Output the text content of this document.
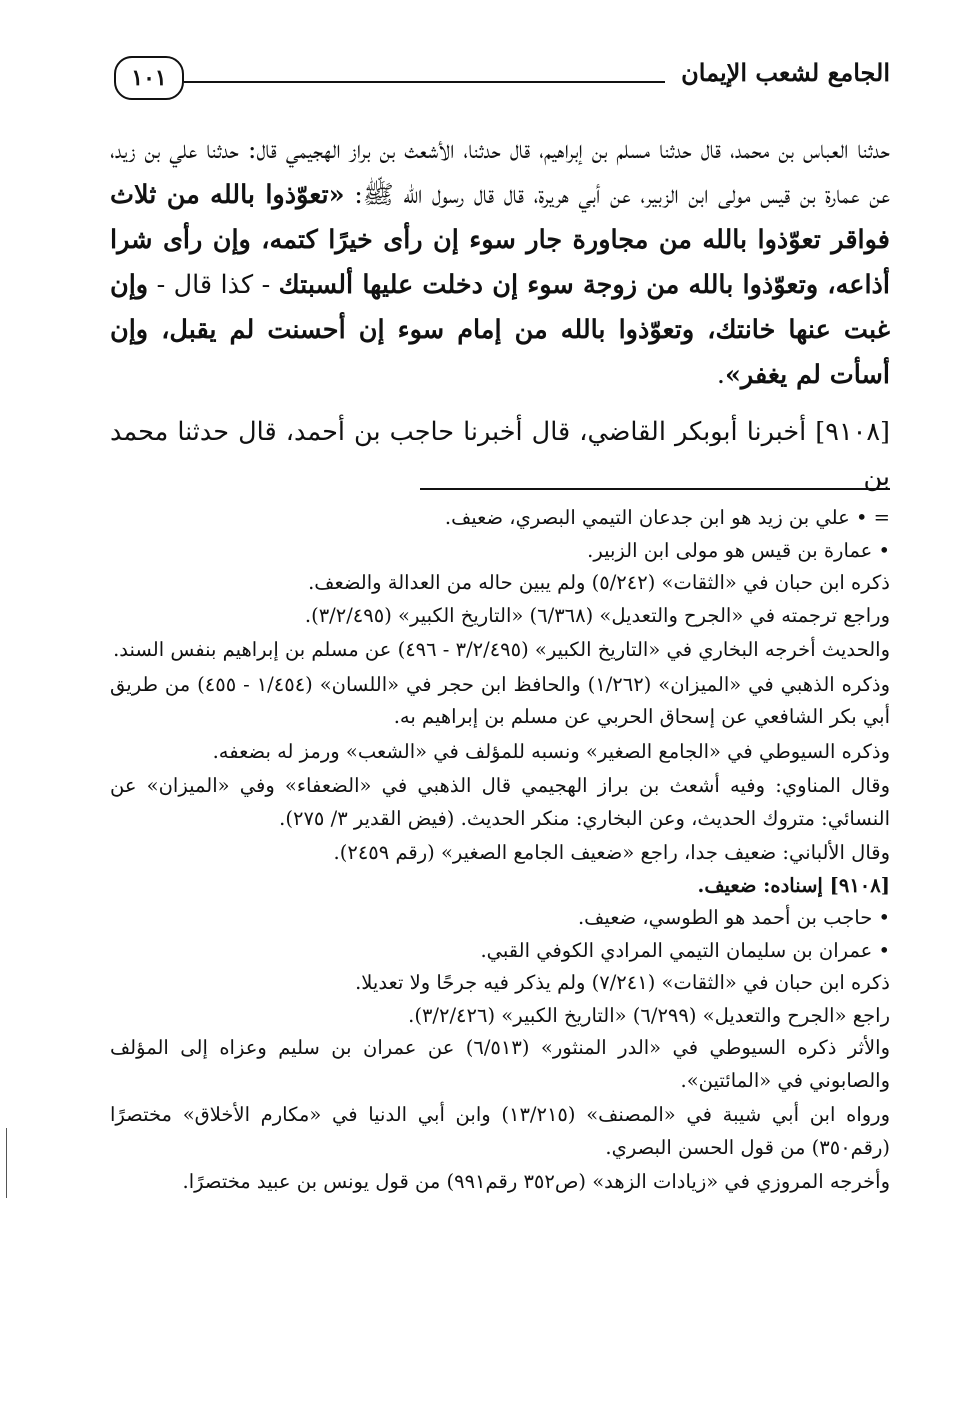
الجامع لشعب الإيمان
١٠١

حدثنا العباس بن محمد، قال حدثنا مسلم بن إبراهيم، قال حدثنا، الأشعث بن براز الهجيمي قال: حدثنا علي بن زيد، عن عمارة بن قيس مولى ابن الزبير، عن أبي هريرة، قال قال رسول الله ﷺ: «تعوّذوا بالله من ثلاث فواقر تعوّذوا بالله من مجاورة جار سوء إن رأى خيرًا كتمه، وإن رأى شرا أذاعه، وتعوّذوا بالله من زوجة سوء إن دخلت عليها ألسبتك - كذا قال - وإن غبت عنها خانتك، وتعوّذوا بالله من إمام سوء إن أحسنت لم يقبل، وإن أسأت لم يغفر».

[٩١٠٨] أخبرنا أبوبكر القاضي، قال أخبرنا حاجب بن أحمد، قال حدثنا محمد بن

= • علي بن زيد هو ابن جدعان التيمي البصري، ضعيف.

• عمارة بن قيس هو مولى ابن الزبير.

ذكره ابن حبان في «الثقات» (٥/٢٤٢) ولم يبين حاله من العدالة والضعف.

وراجع ترجمته في «الجرح والتعديل» (٦/٣٦٨) «التاريخ الكبير» (٣/٢/٤٩٥).

والحديث أخرجه البخاري في «التاريخ الكبير» (٣/٢/٤٩٥ - ٤٩٦) عن مسلم بن إبراهيم بنفس السند.

وذكره الذهبي في «الميزان» (١/٢٦٢) والحافظ ابن حجر في «اللسان» (١/٤٥٤ - ٤٥٥) من طريق أبي بكر الشافعي عن إسحاق الحربي عن مسلم بن إبراهيم به.

وذكره السيوطي في «الجامع الصغير» ونسبه للمؤلف في «الشعب» ورمز له بضعفه.

وقال المناوي: وفيه أشعث بن براز الهجيمي قال الذهبي في «الضعفاء» وفي «الميزان» عن النسائي: متروك الحديث، وعن البخاري: منكر الحديث. (فيض القدير ٣/ ٢٧٥).

وقال الألباني: ضعيف جدا، راجع «ضعيف الجامع الصغير» (رقم ٢٤٥٩).

[٩١٠٨] إسناده: ضعيف.

• حاجب بن أحمد هو الطوسي، ضعيف.

• عمران بن سليمان التيمي المرادي الكوفي القبي.

ذكره ابن حبان في «الثقات» (٧/٢٤١) ولم يذكر فيه جرحًا ولا تعديلا.

راجع «الجرح والتعديل» (٦/٢٩٩) «التاريخ الكبير» (٣/٢/٤٢٦).

والأثر ذكره السيوطي في «الدر المنثور» (٦/٥١٣) عن عمران بن سليم وعزاه إلى المؤلف والصابوني في «المائتين».

ورواه ابن أبي شيبة في «المصنف» (١٣/٢١٥) وابن أبي الدنيا في «مكارم الأخلاق» مختصرًا (رقم٣٥٠) من قول الحسن البصري.

وأخرجه المروزي في «زيادات الزهد» (ص٣٥٢ رقم٩٩١) من قول يونس بن عبيد مختصرًا.
